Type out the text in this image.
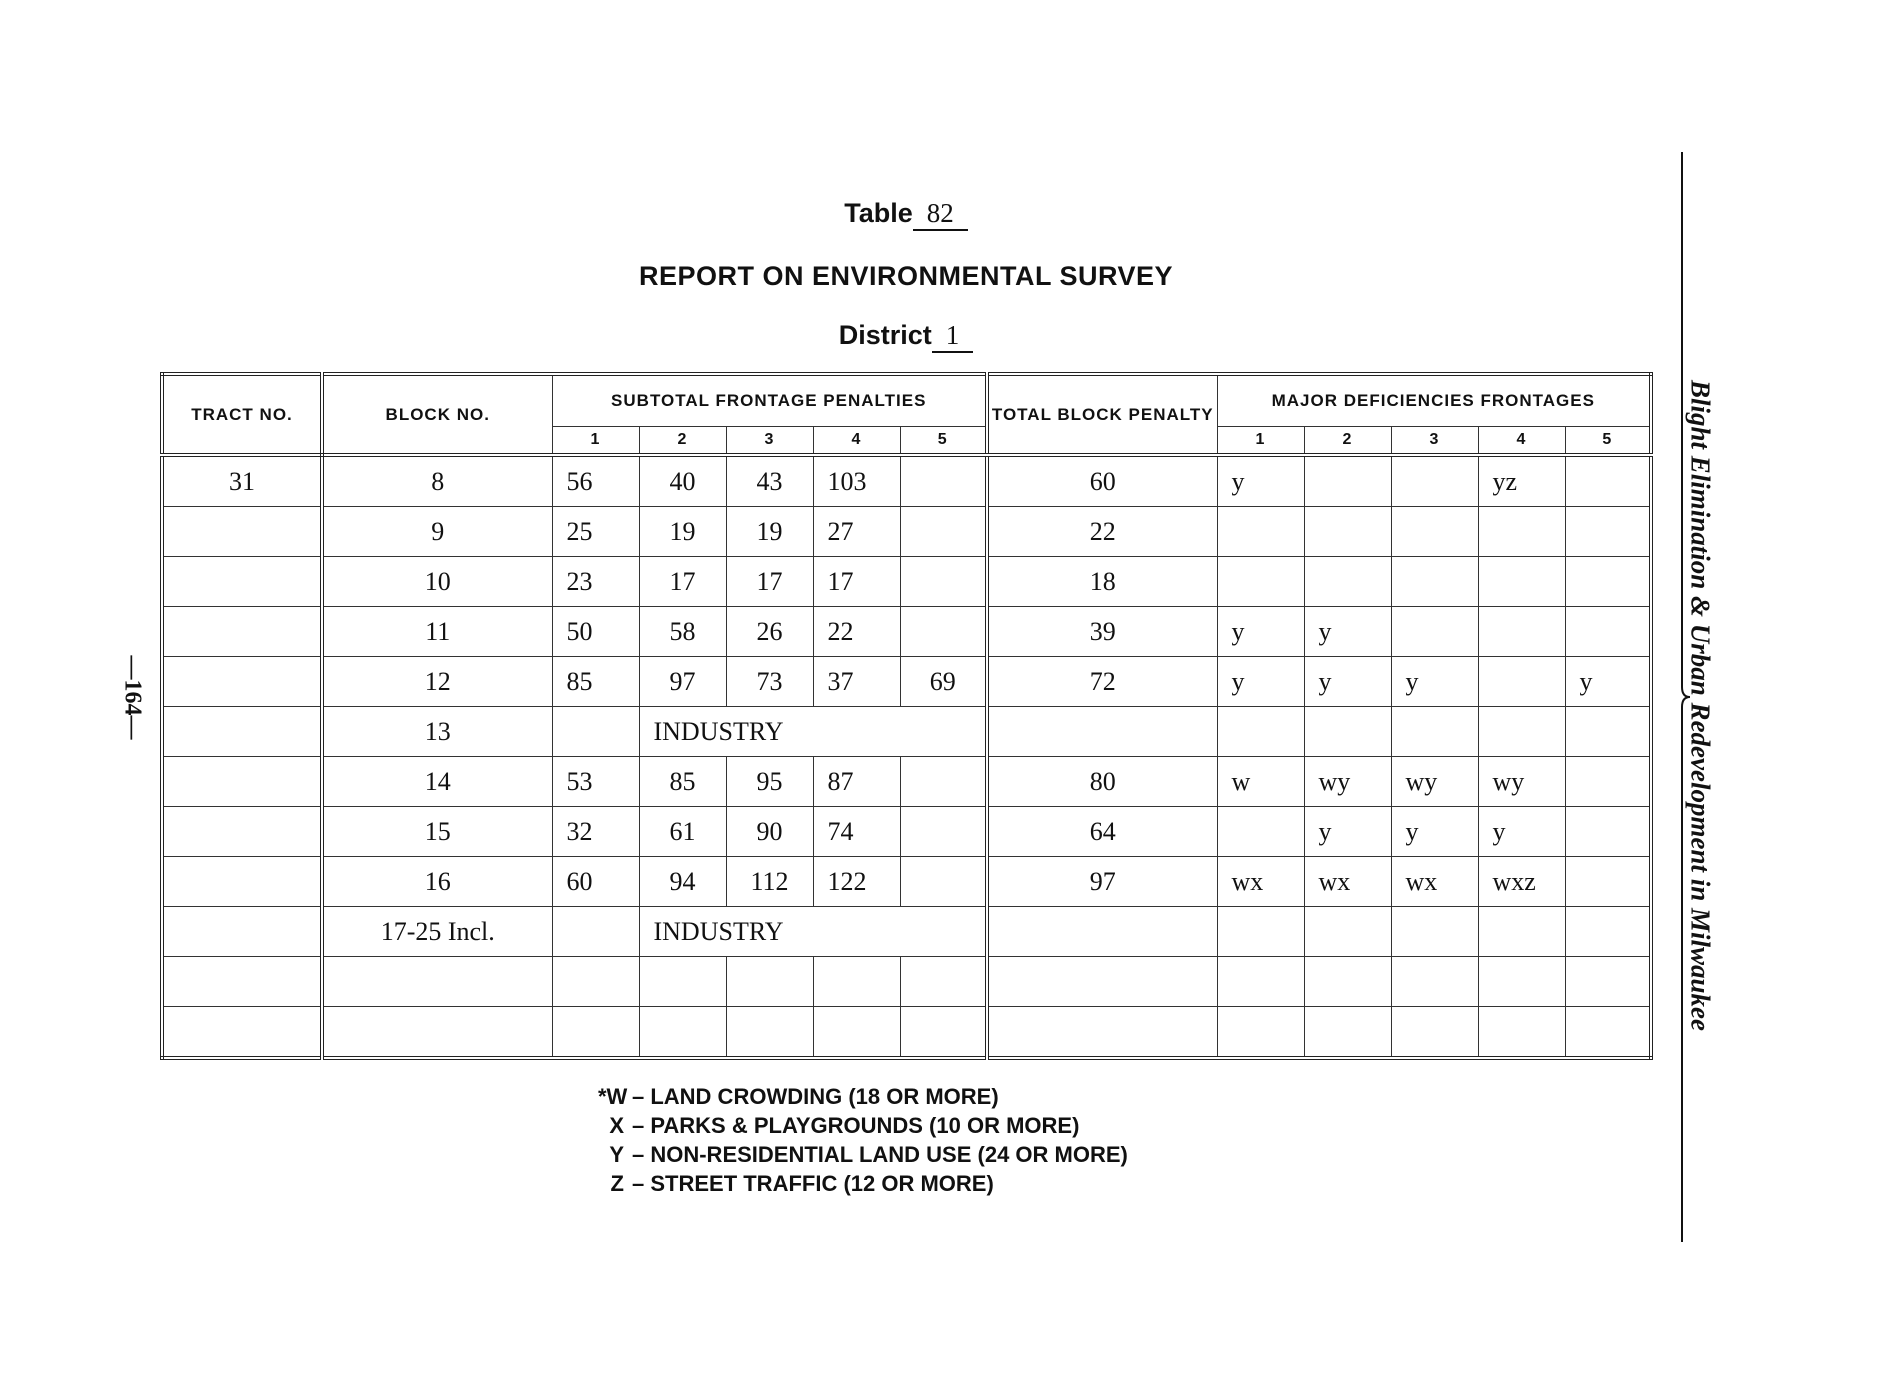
Table 82
REPORT ON ENVIRONMENTAL SURVEY
District 1
TRACT NO.	BLOCK NO.	SUBTOTAL FRONTAGE PENALTIES					TOTAL BLOCK PENALTY	MAJOR DEFICIENCIES FRONTAGES				
		1	2	3	4	5		1	2	3	4	5
31	8	56	40	43	103		60	y			yz	
	9	25	19	19	27		22					
	10	23	17	17	17		18					
	11	50	58	26	22		39	y	y			
	12	85	97	73	37	69	72	y	y	y		y
	13		INDUSTRY									
	14	53	85	95	87		80	w	wy	wy	wy	
	15	32	61	90	74		64		y	y	y	
	16	60	94	112	122		97	wx	wx	wx	wxz	
	17-25 Incl.		INDUSTRY									

*W – LAND CROWDING (18 OR MORE)
X – PARKS & PLAYGROUNDS (10 OR MORE)
Y – NON-RESIDENTIAL LAND USE (24 OR MORE)
Z – STREET TRAFFIC (12 OR MORE)
—164—	Blight Elimination & Urban Redevelopment in Milwaukee
